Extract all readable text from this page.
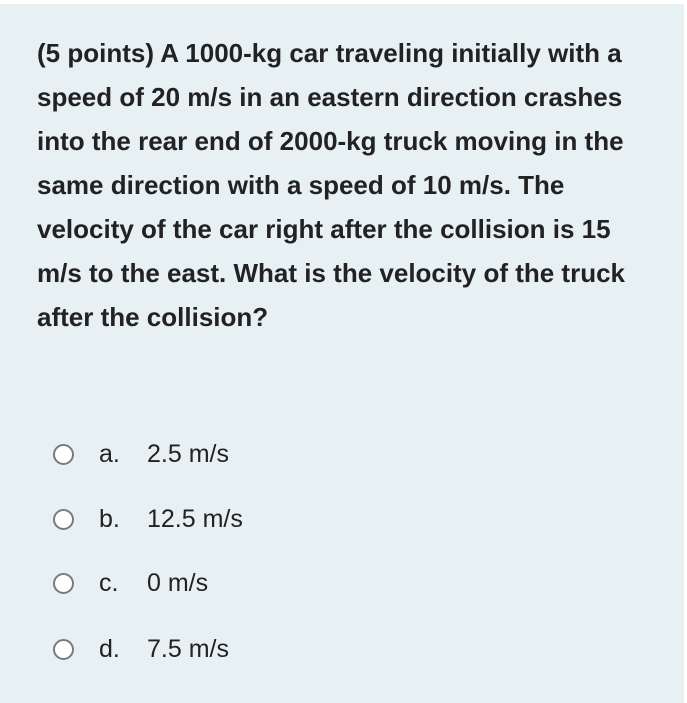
(5 points) A 1000-kg car traveling initially with a speed of 20 m/s in an eastern direction crashes into the rear end of 2000-kg truck moving in the same direction with a speed of 10 m/s. The velocity of the car right after the collision is 15 m/s to the east. What is the velocity of the truck after the collision?

a.	2.5 m/s
b.	12.5 m/s
c.	0 m/s
d.	7.5 m/s
